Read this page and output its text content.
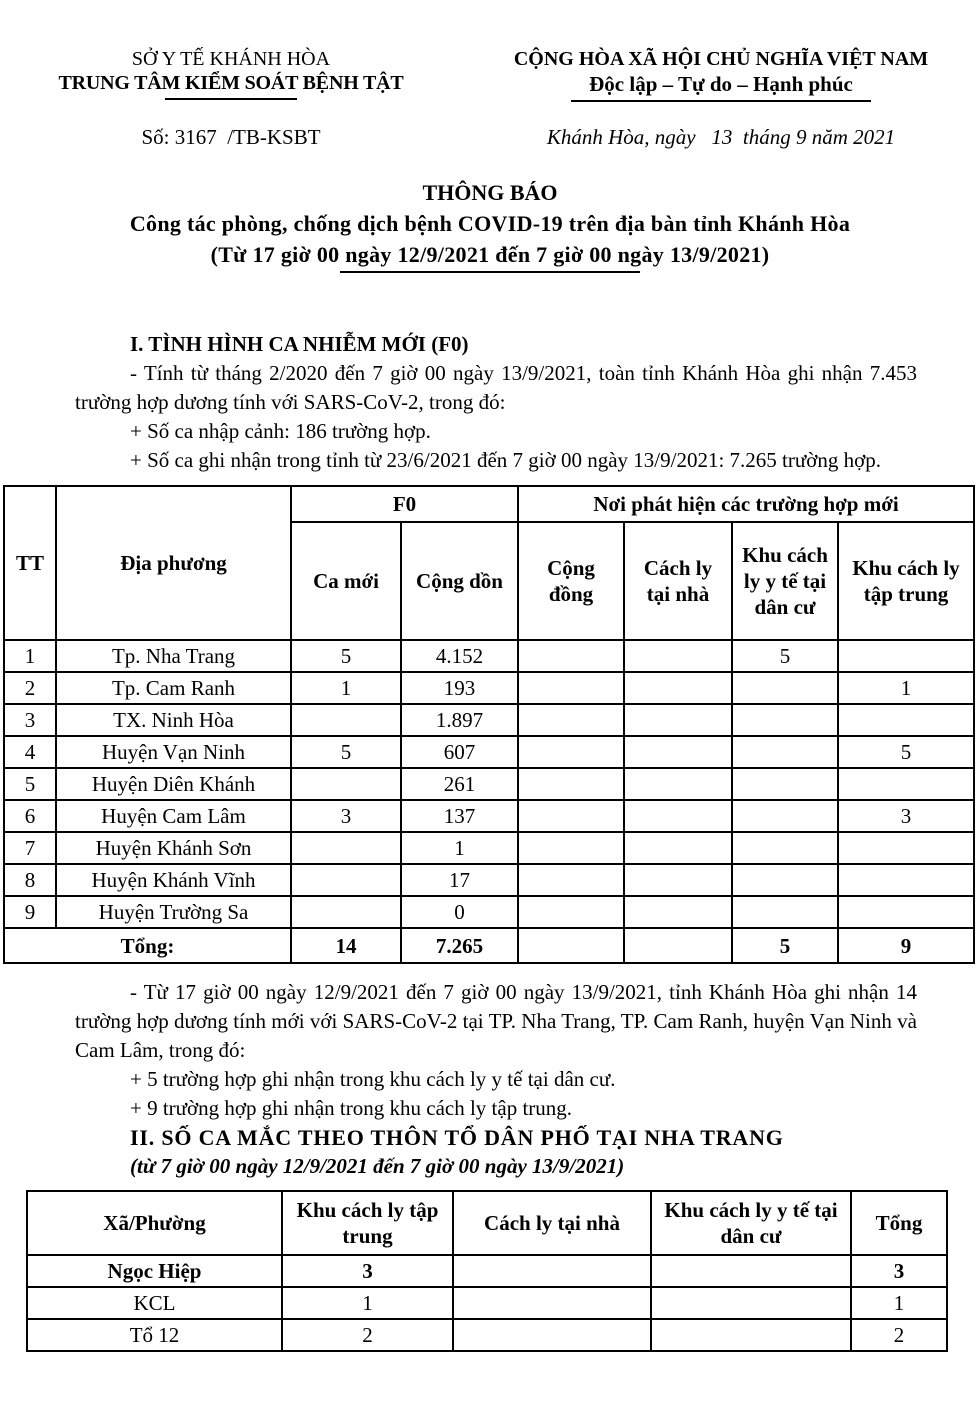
SỞ Y TẾ KHÁNH HÒA
TRUNG TÂM KIỂM SOÁT BỆNH TẬT
Số: 3167  /TB-KSBT
CỘNG HÒA XÃ HỘI CHỦ NGHĨA VIỆT NAM
Độc lập – Tự do – Hạnh phúc
Khánh Hòa, ngày   13  tháng 9 năm 2021
THÔNG BÁO
Công tác phòng, chống dịch bệnh COVID-19 trên địa bàn tỉnh Khánh Hòa
(Từ 17 giờ 00 ngày 12/9/2021 đến 7 giờ 00 ngày 13/9/2021)

I. TÌNH HÌNH CA NHIỄM MỚI (F0)

- Tính từ tháng 2/2020 đến 7 giờ 00 ngày 13/9/2021, toàn tỉnh Khánh Hòa ghi nhận 7.453 trường hợp dương tính với SARS-CoV-2, trong đó:

+ Số ca nhập cảnh: 186 trường hợp.

+ Số ca ghi nhận trong tỉnh từ 23/6/2021 đến 7 giờ 00 ngày 13/9/2021: 7.265 trường hợp.

TT	Địa phương	F0		Nơi phát hiện các trường hợp mới			
		Ca mới	Cộng dồn	Cộng đồng	Cách ly tại nhà	Khu cách ly y tế tại dân cư	Khu cách ly tập trung
1	Tp. Nha Trang	5	4.152			5	
2	Tp. Cam Ranh	1	193				1
3	TX. Ninh Hòa		1.897				
4	Huyện Vạn Ninh	5	607				5
5	Huyện Diên Khánh		261				
6	Huyện Cam Lâm	3	137				3
7	Huyện Khánh Sơn		1				
8	Huyện Khánh Vĩnh		17				
9	Huyện Trường Sa		0				
Tổng:		14	7.265			5	9

- Từ 17 giờ 00 ngày 12/9/2021 đến 7 giờ 00 ngày 13/9/2021, tỉnh Khánh Hòa ghi nhận 14 trường hợp dương tính mới với SARS-CoV-2 tại TP. Nha Trang, TP. Cam Ranh, huyện Vạn Ninh và Cam Lâm, trong đó:

+ 5 trường hợp ghi nhận trong khu cách ly y tế tại dân cư.

+ 9 trường hợp ghi nhận trong khu cách ly tập trung.

II. SỐ CA MẮC THEO THÔN TỔ DÂN PHỐ TẠI NHA TRANG

(từ 7 giờ 00 ngày 12/9/2021 đến 7 giờ 00 ngày 13/9/2021)

Xã/Phường	Khu cách ly tập trung	Cách ly tại nhà	Khu cách ly y tế tại dân cư	Tổng
Ngọc Hiệp	3			3
KCL	1			1
Tổ 12	2			2
